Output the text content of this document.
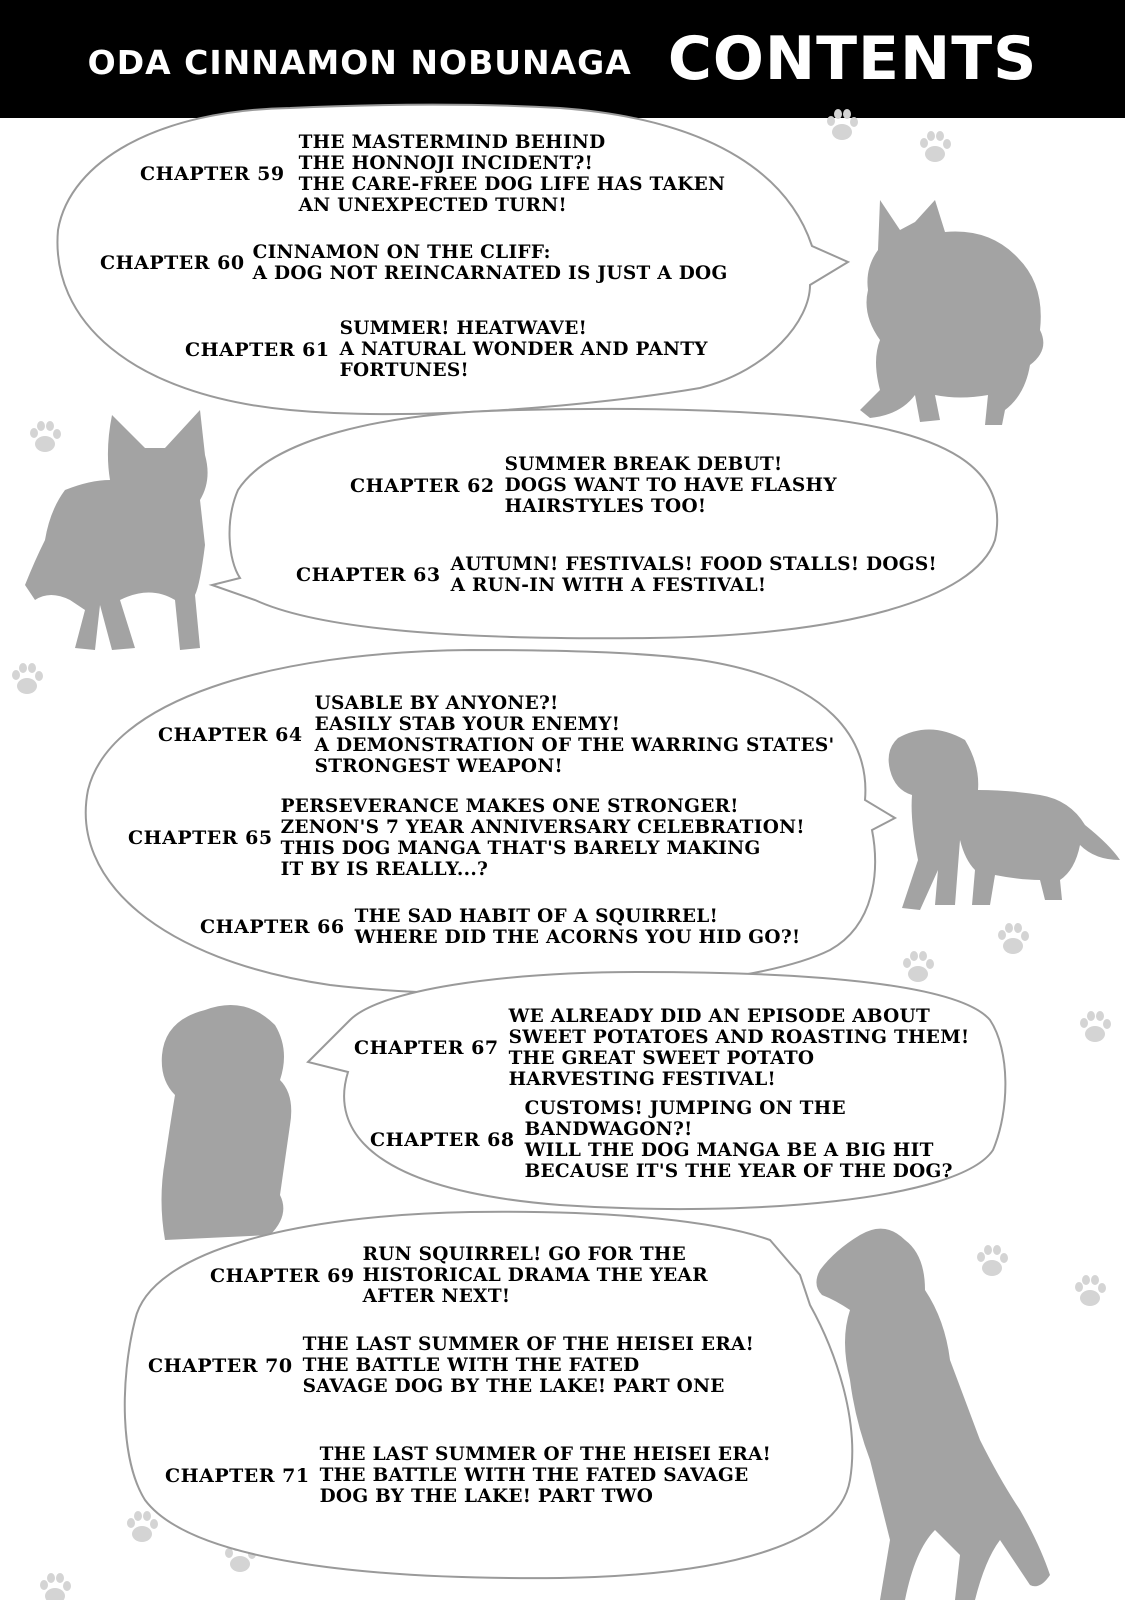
ODA CINNAMON NOBUNAGA CONTENTS
CHAPTER 59
THE MASTERMIND BEHIND
THE HONNOJI INCIDENT?!
THE CARE-FREE DOG LIFE HAS TAKEN
AN UNEXPECTED TURN!
CHAPTER 60 CINNAMON ON THE CLIFF:
A DOG NOT REINCARNATED IS JUST A DOG
CHAPTER 61
SUMMER! HEATWAVE!
A NATURAL WONDER AND PANTY
FORTUNES!
CHAPTER 62
SUMMER BREAK DEBUT!
DOGS WANT TO HAVE FLASHY
HAIRSTYLES TOO!
CHAPTER 63 AUTUMN! FESTIVALS! FOOD STALLS! DOGS!
A RUN-IN WITH A FESTIVAL!
CHAPTER 64
USABLE BY ANYONE?!
EASILY STAB YOUR ENEMY!
A DEMONSTRATION OF THE WARRING STATES'
STRONGEST WEAPON!
CHAPTER 65
PERSEVERANCE MAKES ONE STRONGER!
ZENON'S 7 YEAR ANNIVERSARY CELEBRATION!
THIS DOG MANGA THAT'S BARELY MAKING
IT BY IS REALLY...?
CHAPTER 66 THE SAD HABIT OF A SQUIRREL!
WHERE DID THE ACORNS YOU HID GO?!
CHAPTER 67
WE ALREADY DID AN EPISODE ABOUT
SWEET POTATOES AND ROASTING THEM!
THE GREAT SWEET POTATO
HARVESTING FESTIVAL!
CHAPTER 68
CUSTOMS! JUMPING ON THE
BANDWAGON?!
WILL THE DOG MANGA BE A BIG HIT
BECAUSE IT'S THE YEAR OF THE DOG?
CHAPTER 69
RUN SQUIRREL! GO FOR THE
HISTORICAL DRAMA THE YEAR
AFTER NEXT!
CHAPTER 70
THE LAST SUMMER OF THE HEISEI ERA!
THE BATTLE WITH THE FATED
SAVAGE DOG BY THE LAKE! PART ONE
CHAPTER 71
THE LAST SUMMER OF THE HEISEI ERA!
THE BATTLE WITH THE FATED SAVAGE
DOG BY THE LAKE! PART TWO
